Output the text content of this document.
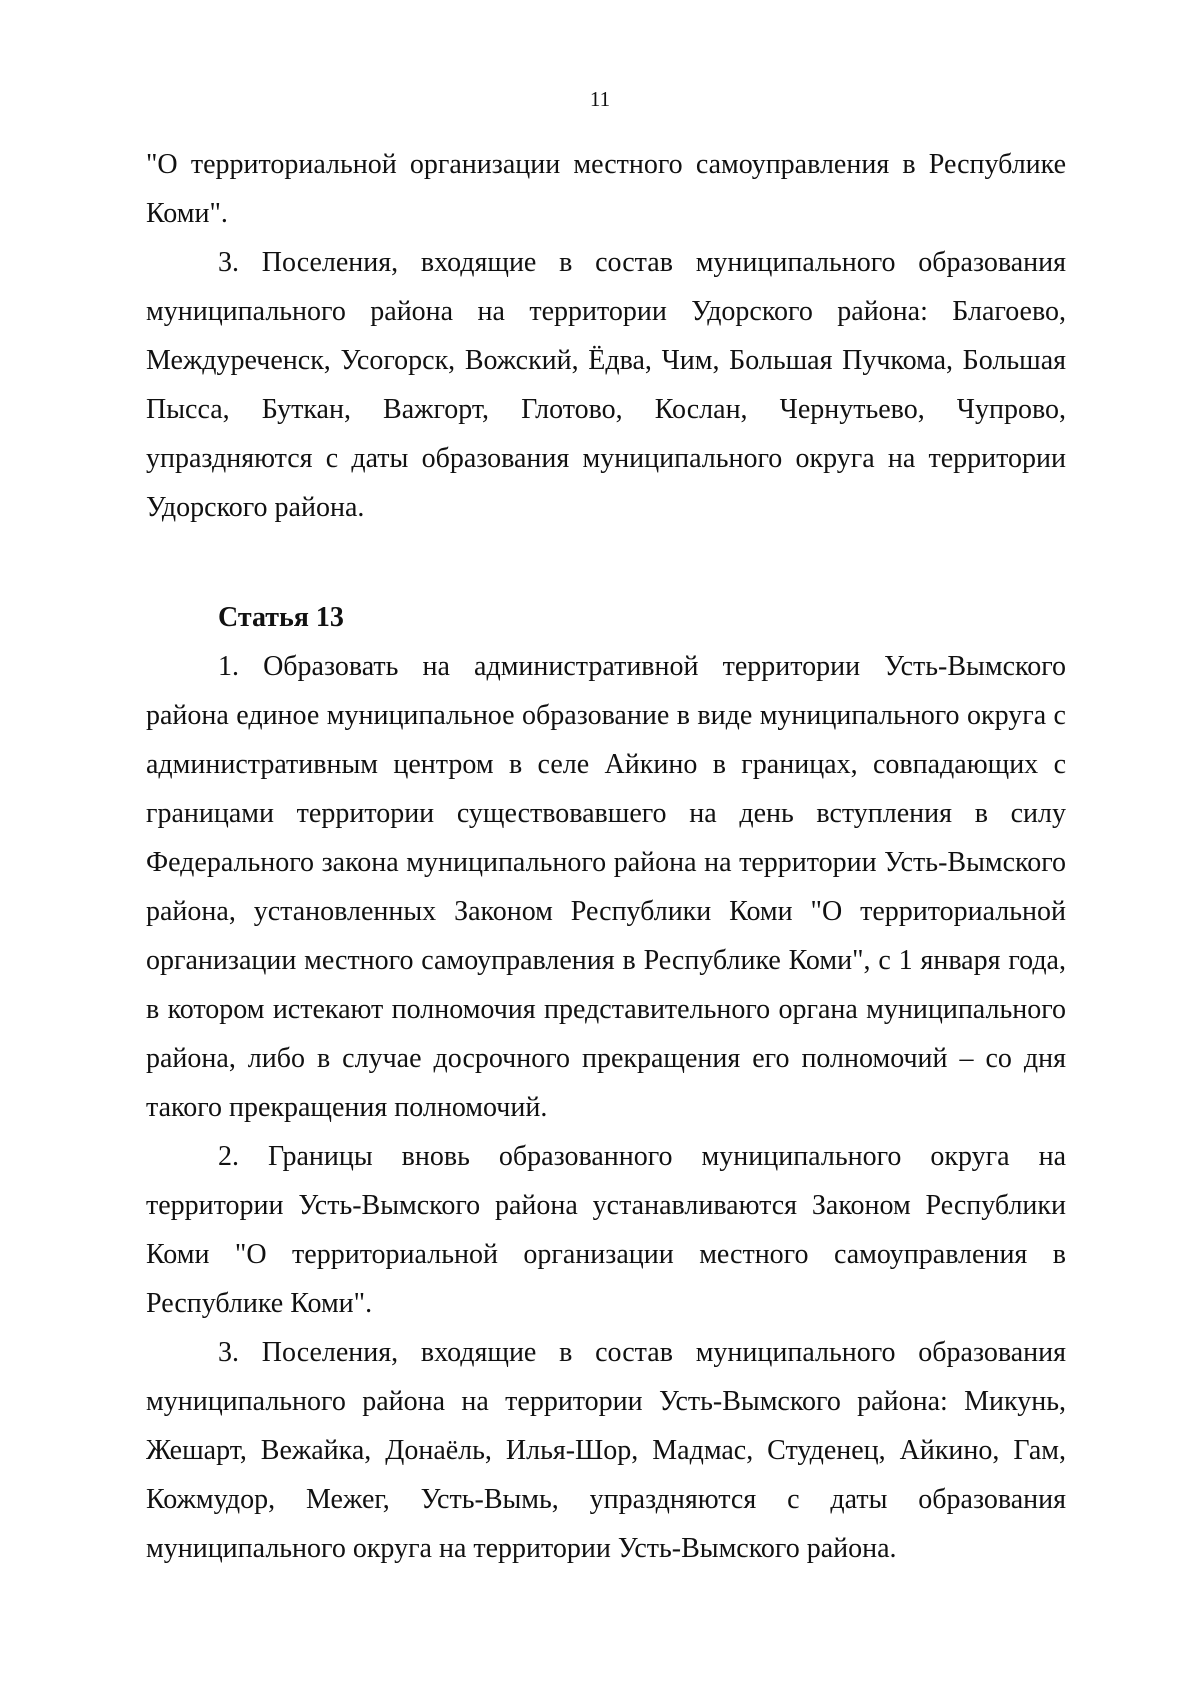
11

"О территориальной организации местного самоуправления в Республике Коми".

3. Поселения, входящие в состав муниципального образования муниципального района на территории Удорского района: Благоево, Междуреченск, Усогорск, Вожский, Ёдва, Чим, Большая Пучкома, Большая Пысса, Буткан, Важгорт, Глотово, Кослан, Чернутьево, Чупрово, упраздняются с даты образования муниципального округа на территории Удорского района.

Статья 13

1. Образовать на административной территории Усть-Вымского района единое муниципальное образование в виде муниципального округа с административным центром в селе Айкино в границах, совпадающих с границами территории существовавшего на день вступления в силу Федерального закона муниципального района на территории Усть-Вымского района, установленных Законом Республики Коми "О территориальной организации местного самоуправления в Республике Коми", с 1 января года, в котором истекают полномочия представительного органа муниципального района, либо в случае досрочного прекращения его полномочий – со дня такого прекращения полномочий.

2. Границы вновь образованного муниципального округа на территории Усть-Вымского района устанавливаются Законом Республики Коми "О территориальной организации местного самоуправления в Республике Коми".

3. Поселения, входящие в состав муниципального образования муниципального района на территории Усть-Вымского района: Микунь, Жешарт, Вежайка, Донаёль, Илья-Шор, Мадмас, Студенец, Айкино, Гам, Кожмудор, Межег, Усть-Вымь, упраздняются с даты образования муниципального округа на территории Усть-Вымского района.
